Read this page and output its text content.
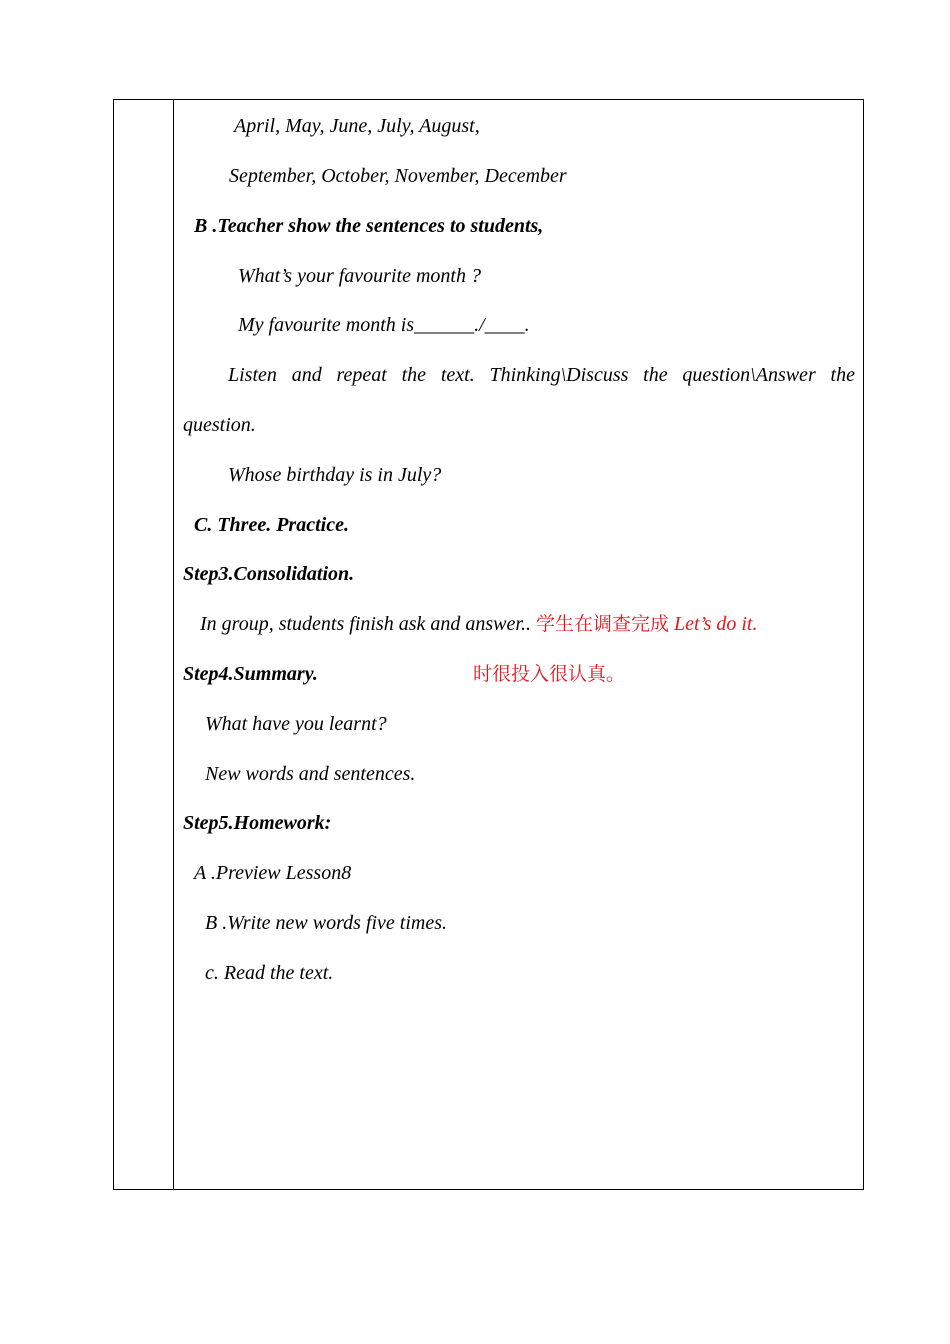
April, May, June, July, August,
September, October, November, December
B .Teacher show the sentences to students,
What’s your favourite month ?
My favourite month is______./____.
Listen and repeat the text. Thinking\Discuss the question\Answer the
question.
Whose birthday is in July?
C. Three. Practice.
Step3.Consolidation.
In group, students finish ask and answer.. 学生在调查完成 Let’s do it.
Step4.Summary.	时很投入很认真。
What have you learnt?
New words and sentences.
Step5.Homework:
A .Preview Lesson8
B .Write new words five times.
c. Read the text.
